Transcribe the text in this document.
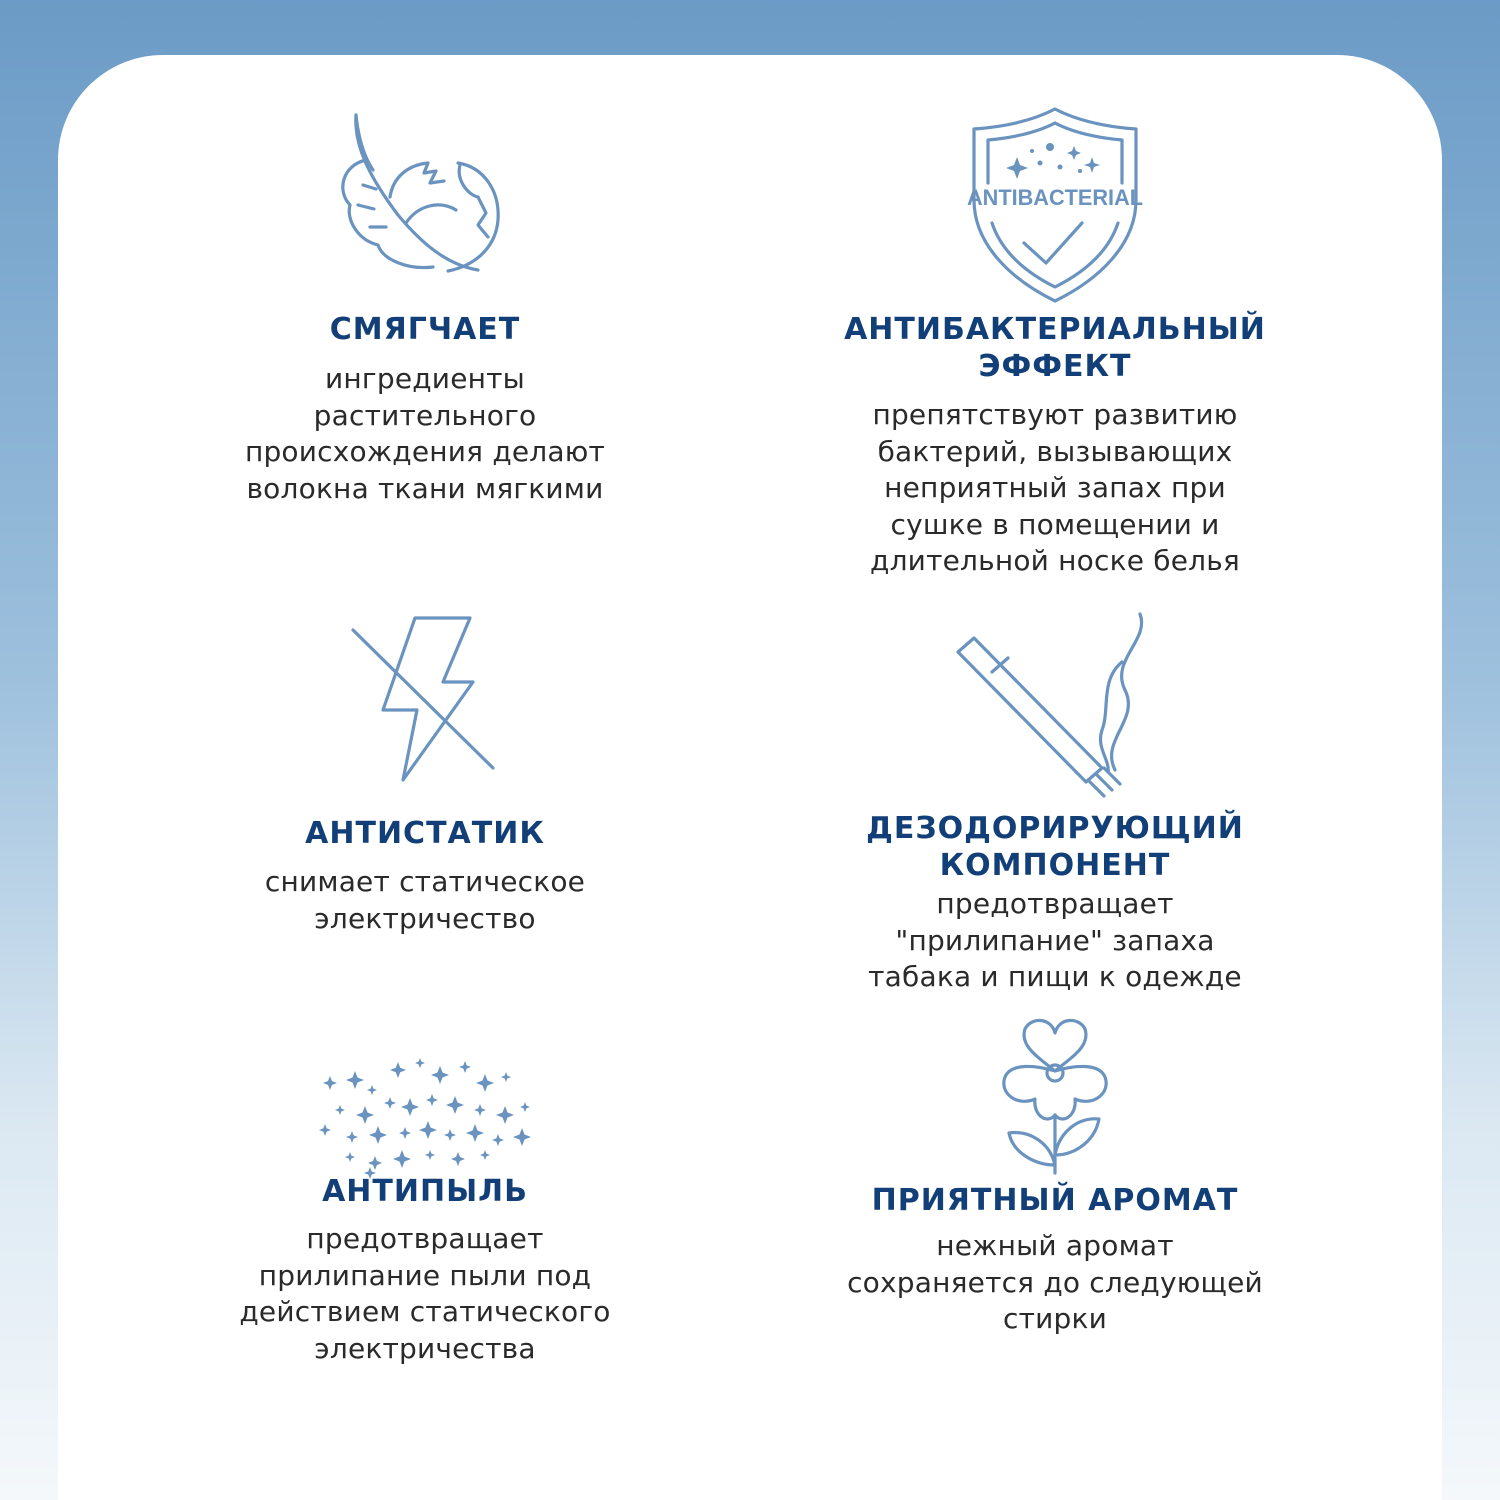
СМЯГЧАЕТ

ингредиенты
растительного
происхождения делают
волокна ткани мягкими

ANTIBACTERIAL
АНТИБАКТЕРИАЛЬНЫЙ
ЭФФЕКТ

препятствуют развитию
бактерий, вызывающих
неприятный запах при
сушке в помещении и
длительной носке белья

АНТИСТАТИК

снимает статическое
электричество

ДЕЗОДОРИРУЮЩИЙ
КОМПОНЕНТ

предотвращает
"прилипание" запаха
табака и пищи к одежде

АНТИПЫЛЬ

предотвращает
прилипание пыли под
действием статического
электричества

ПРИЯТНЫЙ АРОМАТ

нежный аромат
сохраняется до следующей
стирки
